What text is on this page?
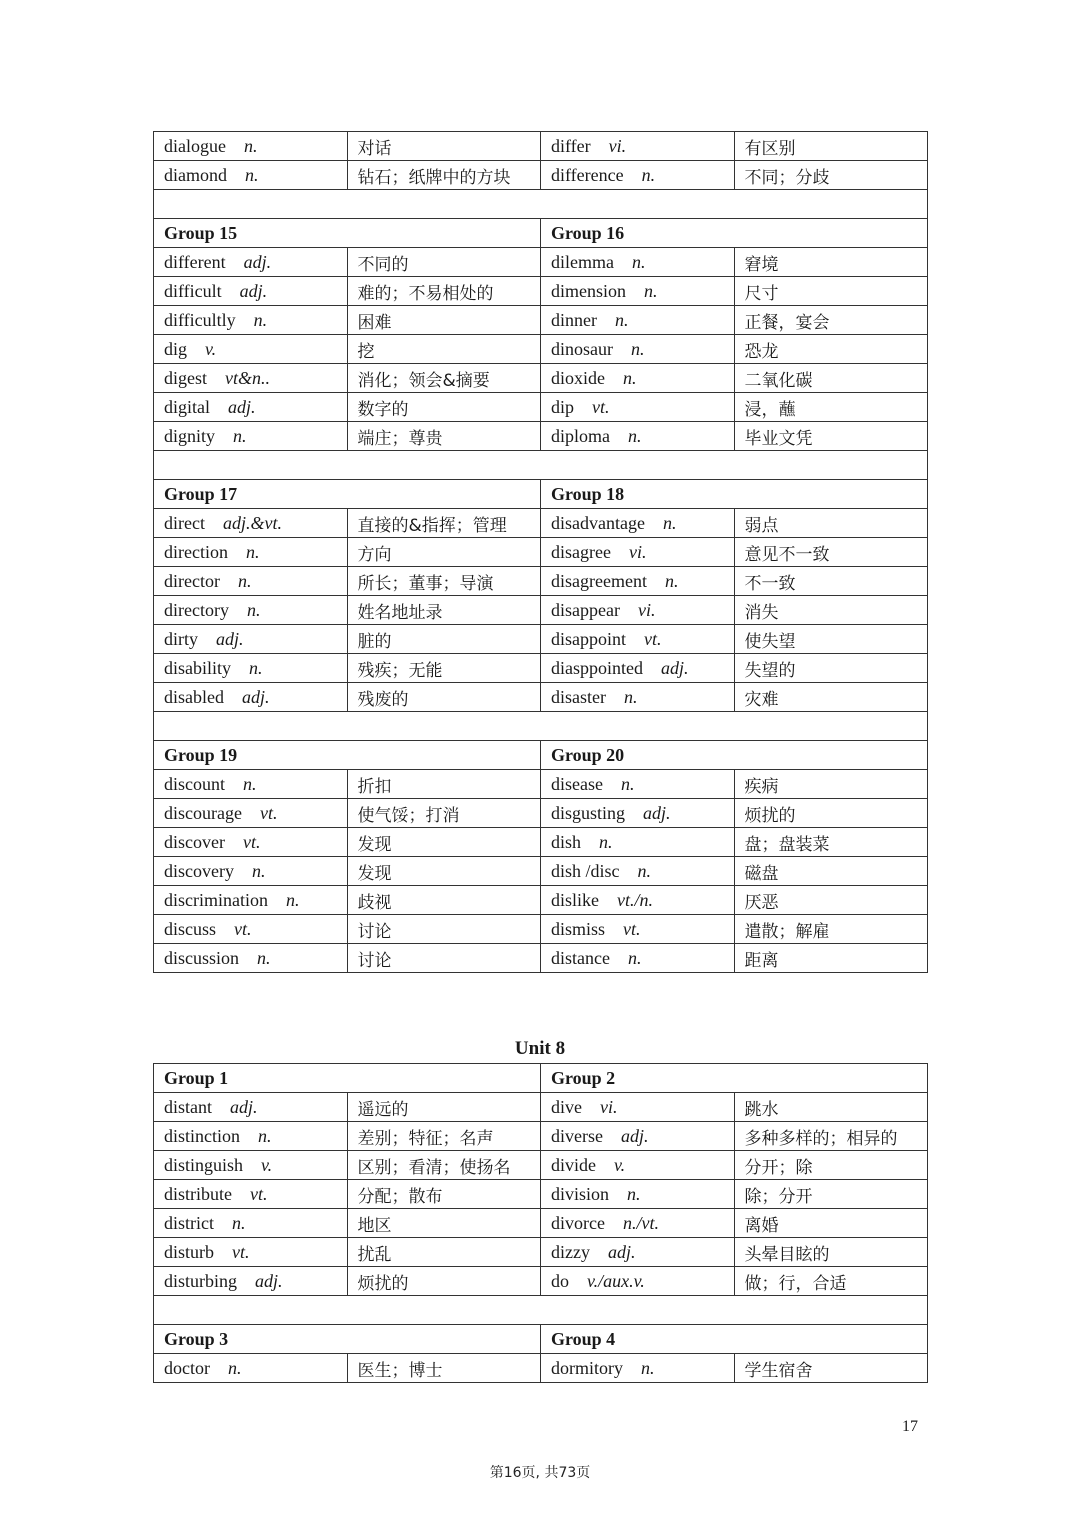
dialogue n.	对话	differ vi.	有区别
diamond n.	钻石；纸牌中的方块	difference n.	不同；分歧

Group 15		Group 16	
different adj.	不同的	dilemma n.	窘境
difficult adj.	难的；不易相处的	dimension n.	尺寸
difficultly n.	困难	dinner n.	正餐，宴会
dig v.	挖	dinosaur n.	恐龙
digest vt&n..	消化；领会&摘要	dioxide n.	二氧化碳
digital adj.	数字的	dip vt.	浸，蘸
dignity n.	端庄；尊贵	diploma n.	毕业文凭

Group 17		Group 18	
direct adj.&vt.	直接的&指挥；管理	disadvantage n.	弱点
direction n.	方向	disagree vi.	意见不一致
director n.	所长；董事；导演	disagreement n.	不一致
directory n.	姓名地址录	disappear vi.	消失
dirty adj.	脏的	disappoint vt.	使失望
disability n.	残疾；无能	diasppointed adj.	失望的
disabled adj.	残废的	disaster n.	灾难

Group 19		Group 20	
discount n.	折扣	disease n.	疾病
discourage vt.	使气馁；打消	disgusting adj.	烦扰的
discover vt.	发现	dish n.	盘；盘装菜
discovery n.	发现	dish /disc n.	磁盘
discrimination n.	歧视	dislike vt./n.	厌恶
discuss vt.	讨论	dismiss vt.	遣散；解雇
discussion n.	讨论	distance n.	距离
Unit 8
Group 1		Group 2	
distant adj.	遥远的	dive vi.	跳水
distinction n.	差别；特征；名声	diverse adj.	多种多样的；相异的
distinguish v.	区别；看清；使扬名	divide v.	分开；除
distribute vt.	分配；散布	division n.	除；分开
district n.	地区	divorce n./vt.	离婚
disturb vt.	扰乱	dizzy adj.	头晕目眩的
disturbing adj.	烦扰的	do v./aux.v.	做；行，合适

Group 3		Group 4	
doctor n.	医生；博士	dormitory n.	学生宿舍
17
第16页, 共73页
